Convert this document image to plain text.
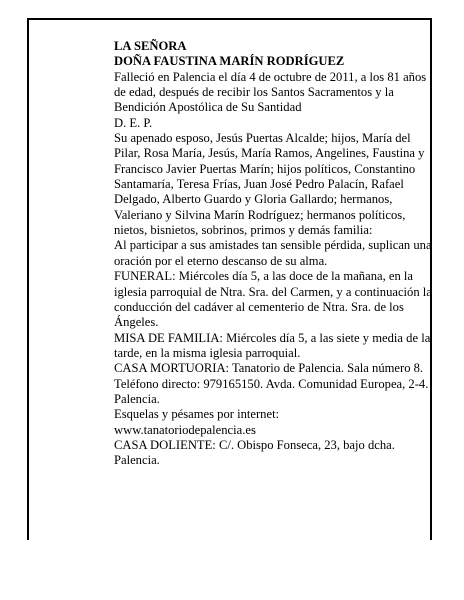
LA SEÑORA

DOÑA FAUSTINA MARÍN RODRÍGUEZ

Falleció en Palencia el día 4 de octubre de 2011, a los 81 años de edad, después de recibir los Santos Sacramentos y la Bendición Apostólica de Su Santidad

D. E. P.

Su apenado esposo, Jesús Puertas Alcalde; hijos, María del Pilar, Rosa María, Jesús, María Ramos, Angelines, Faustina y Francisco Javier Puertas Marín; hijos políticos, Constantino Santamaría, Teresa Frías, Juan José Pedro Palacín, Rafael Delgado, Alberto Guardo y Gloria Gallardo; hermanos, Valeriano y Silvina Marín Rodríguez; hermanos políticos, nietos, bisnietos, sobrinos, primos y demás familia:

Al participar a sus amistades tan sensible pérdida, suplican una oración por el eterno descanso de su alma.

FUNERAL: Miércoles día 5, a las doce de la mañana, en la iglesia parroquial de Ntra. Sra. del Carmen, y a continuación la conducción del cadáver al cementerio de Ntra. Sra. de los Ángeles.

MISA DE FAMILIA: Miércoles día 5, a las siete y media de la tarde, en la misma iglesia parroquial.

CASA MORTUORIA: Tanatorio de Palencia. Sala número 8. Teléfono directo: 979165150. Avda. Comunidad Europea, 2-4. Palencia.

Esquelas y pésames por internet:

www.tanatoriodepalencia.es

CASA DOLIENTE: C/. Obispo Fonseca, 23, bajo dcha. Palencia.
